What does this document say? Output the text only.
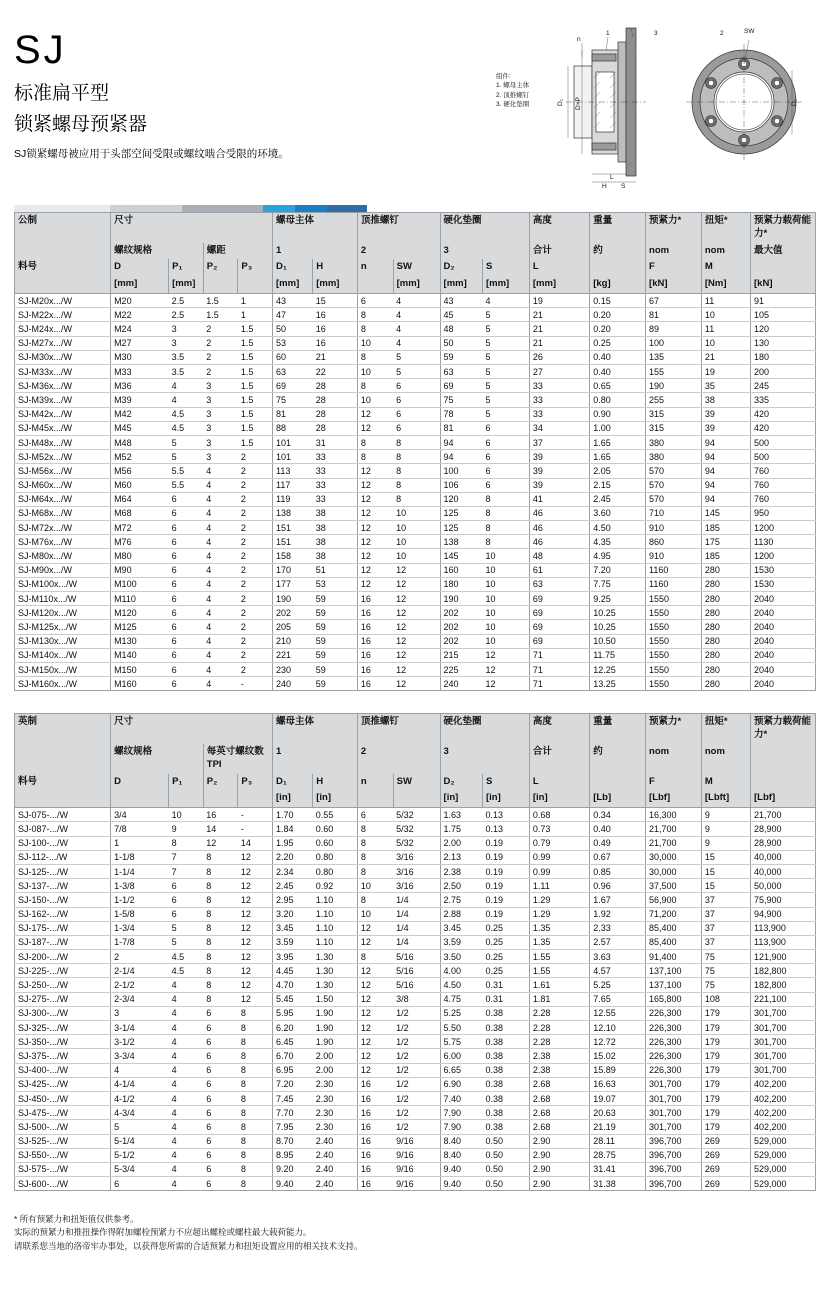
SJ
标准扁平型
锁紧螺母预紧器
SJ锁紧螺母被应用于头部空间受限或螺纹啮合受限的环境。
组件:
1. 螺母主体
2. 顶推螺钉
3. 硬化垫圈
n
1	3	2	SW
D₁ D×P
H S
L
D₁
公制	尺寸				螺母主体		顶推螺钉		硬化垫圈		高度	重量	预紧力*	扭矩*	预紧力载荷能力*
	螺纹规格		螺距		1		2		3		合计	约	nom	nom	最大值
料号	D	P₁	P₂	P₃	D₁	H	n	SW	D₂	S	L		F	M	
	[mm]	[mm]			[mm]	[mm]		[mm]	[mm]	[mm]	[mm]	[kg]	[kN]	[Nm]	[kN]
SJ-M20x.../W	M20	2.5	1.5	1	43	15	6	4	43	4	19	0.15	67	11	91
SJ-M22x.../W	M22	2.5	1.5	1	47	16	8	4	45	5	21	0.20	81	10	105
SJ-M24x.../W	M24	3	2	1.5	50	16	8	4	48	5	21	0.20	89	11	120
SJ-M27x.../W	M27	3	2	1.5	53	16	10	4	50	5	21	0.25	100	10	130
SJ-M30x.../W	M30	3.5	2	1.5	60	21	8	5	59	5	26	0.40	135	21	180
SJ-M33x.../W	M33	3.5	2	1.5	63	22	10	5	63	5	27	0.40	155	19	200
SJ-M36x.../W	M36	4	3	1.5	69	28	8	6	69	5	33	0.65	190	35	245
SJ-M39x.../W	M39	4	3	1.5	75	28	10	6	75	5	33	0.80	255	38	335
SJ-M42x.../W	M42	4.5	3	1.5	81	28	12	6	78	5	33	0.90	315	39	420
SJ-M45x.../W	M45	4.5	3	1.5	88	28	12	6	81	6	34	1.00	315	39	420
SJ-M48x.../W	M48	5	3	1.5	101	31	8	8	94	6	37	1.65	380	94	500
SJ-M52x.../W	M52	5	3	2	101	33	8	8	94	6	39	1.65	380	94	500
SJ-M56x.../W	M56	5.5	4	2	113	33	12	8	100	6	39	2.05	570	94	760
SJ-M60x.../W	M60	5.5	4	2	117	33	12	8	106	6	39	2.15	570	94	760
SJ-M64x.../W	M64	6	4	2	119	33	12	8	120	8	41	2.45	570	94	760
SJ-M68x.../W	M68	6	4	2	138	38	12	10	125	8	46	3.60	710	145	950
SJ-M72x.../W	M72	6	4	2	151	38	12	10	125	8	46	4.50	910	185	1200
SJ-M76x.../W	M76	6	4	2	151	38	12	10	138	8	46	4.35	860	175	1130
SJ-M80x.../W	M80	6	4	2	158	38	12	10	145	10	48	4.95	910	185	1200
SJ-M90x.../W	M90	6	4	2	170	51	12	12	160	10	61	7.20	1160	280	1530
SJ-M100x.../W	M100	6	4	2	177	53	12	12	180	10	63	7.75	1160	280	1530
SJ-M110x.../W	M110	6	4	2	190	59	16	12	190	10	69	9.25	1550	280	2040
SJ-M120x.../W	M120	6	4	2	202	59	16	12	202	10	69	10.25	1550	280	2040
SJ-M125x.../W	M125	6	4	2	205	59	16	12	202	10	69	10.25	1550	280	2040
SJ-M130x.../W	M130	6	4	2	210	59	16	12	202	10	69	10.50	1550	280	2040
SJ-M140x.../W	M140	6	4	2	221	59	16	12	215	12	71	11.75	1550	280	2040
SJ-M150x.../W	M150	6	4	2	230	59	16	12	225	12	71	12.25	1550	280	2040
SJ-M160x.../W	M160	6	4	-	240	59	16	12	240	12	71	13.25	1550	280	2040
英制	尺寸				螺母主体		顶推螺钉		硬化垫圈		高度	重量	预紧力*	扭矩*	预紧力载荷能力*
	螺纹规格		每英寸螺纹数TPI		1		2		3		合计	约	nom	nom	
料号	D	P₁	P₂	P₃	D₁	H	n	SW	D₂	S	L		F	M	
					[in]	[in]			[in]	[in]	[in]	[Lb]	[Lbf]	[Lbft]	[Lbf]
SJ-075-.../W	3/4	10	16	-	1.70	0.55	6	5/32	1.63	0.13	0.68	0.34	16,300	9	21,700
SJ-087-.../W	7/8	9	14	-	1.84	0.60	8	5/32	1.75	0.13	0.73	0.40	21,700	9	28,900
SJ-100-.../W	1	8	12	14	1.95	0.60	8	5/32	2.00	0.19	0.79	0.49	21,700	9	28,900
SJ-112-.../W	1-1/8	7	8	12	2.20	0.80	8	3/16	2.13	0.19	0.99	0.67	30,000	15	40,000
SJ-125-.../W	1-1/4	7	8	12	2.34	0.80	8	3/16	2.38	0.19	0.99	0.85	30,000	15	40,000
SJ-137-.../W	1-3/8	6	8	12	2.45	0.92	10	3/16	2.50	0.19	1.11	0.96	37,500	15	50,000
SJ-150-.../W	1-1/2	6	8	12	2.95	1.10	8	1/4	2.75	0.19	1.29	1.67	56,900	37	75,900
SJ-162-.../W	1-5/8	6	8	12	3.20	1.10	10	1/4	2.88	0.19	1.29	1.92	71,200	37	94,900
SJ-175-.../W	1-3/4	5	8	12	3.45	1.10	12	1/4	3.45	0.25	1.35	2.33	85,400	37	113,900
SJ-187-.../W	1-7/8	5	8	12	3.59	1.10	12	1/4	3.59	0.25	1.35	2.57	85,400	37	113,900
SJ-200-.../W	2	4.5	8	12	3.95	1.30	8	5/16	3.50	0.25	1.55	3.63	91,400	75	121,900
SJ-225-.../W	2-1/4	4.5	8	12	4.45	1.30	12	5/16	4.00	0.25	1.55	4.57	137,100	75	182,800
SJ-250-.../W	2-1/2	4	8	12	4.70	1.30	12	5/16	4.50	0.31	1.61	5.25	137,100	75	182,800
SJ-275-.../W	2-3/4	4	8	12	5.45	1.50	12	3/8	4.75	0.31	1.81	7.65	165,800	108	221,100
SJ-300-.../W	3	4	6	8	5.95	1.90	12	1/2	5.25	0.38	2.28	12.55	226,300	179	301,700
SJ-325-.../W	3-1/4	4	6	8	6.20	1.90	12	1/2	5.50	0.38	2.28	12.10	226,300	179	301,700
SJ-350-.../W	3-1/2	4	6	8	6.45	1.90	12	1/2	5.75	0.38	2.28	12.72	226,300	179	301,700
SJ-375-.../W	3-3/4	4	6	8	6.70	2.00	12	1/2	6.00	0.38	2.38	15.02	226,300	179	301,700
SJ-400-.../W	4	4	6	8	6.95	2.00	12	1/2	6.65	0.38	2.38	15.89	226,300	179	301,700
SJ-425-.../W	4-1/4	4	6	8	7.20	2.30	16	1/2	6.90	0.38	2.68	16.63	301,700	179	402,200
SJ-450-.../W	4-1/2	4	6	8	7.45	2.30	16	1/2	7.40	0.38	2.68	19.07	301,700	179	402,200
SJ-475-.../W	4-3/4	4	6	8	7.70	2.30	16	1/2	7.90	0.38	2.68	20.63	301,700	179	402,200
SJ-500-.../W	5	4	6	8	7.95	2.30	16	1/2	7.90	0.38	2.68	21.19	301,700	179	402,200
SJ-525-.../W	5-1/4	4	6	8	8.70	2.40	16	9/16	8.40	0.50	2.90	28.11	396,700	269	529,000
SJ-550-.../W	5-1/2	4	6	8	8.95	2.40	16	9/16	8.40	0.50	2.90	28.75	396,700	269	529,000
SJ-575-.../W	5-3/4	4	6	8	9.20	2.40	16	9/16	9.40	0.50	2.90	31.41	396,700	269	529,000
SJ-600-.../W	6	4	6	8	9.40	2.40	16	9/16	9.40	0.50	2.90	31.38	396,700	269	529,000
* 所有预紧力和扭矩值仅供参考。
实际的预紧力和推扭操作得附加螺栓预紧力不应超出螺栓或螺柱最大载荷能力。
请联系您当地的洛帝牢办事处，以获得您所需的合适预紧力和扭矩设置应用的相关技术支持。
